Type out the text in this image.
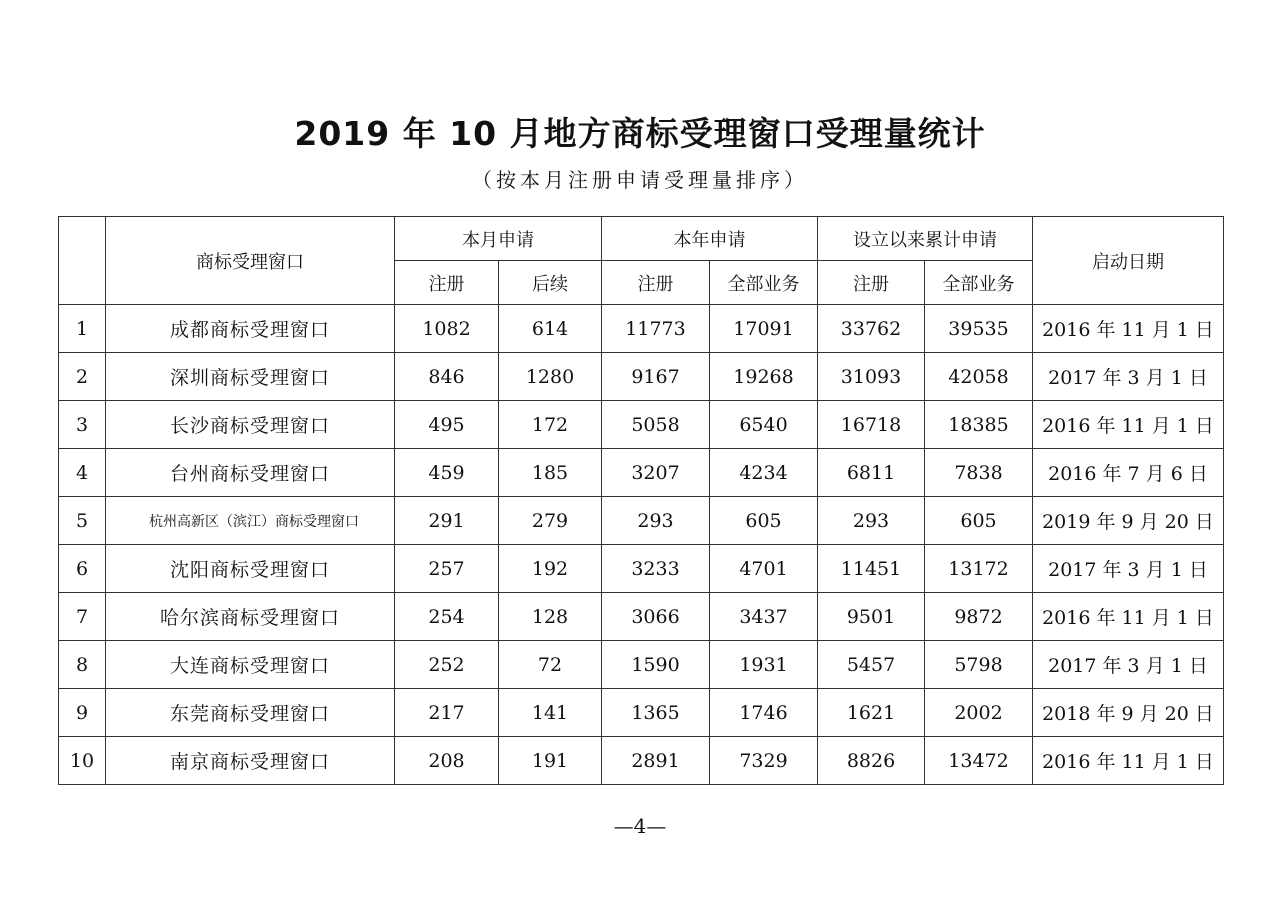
2019 年 10 月地方商标受理窗口受理量统计
（按本月注册申请受理量排序）
	商标受理窗口	本月申请		本年申请		设立以来累计申请		启动日期
		注册	后续	注册	全部业务	注册	全部业务	
1	成都商标受理窗口	1082	614	11773	17091	33762	39535	2016 年 11 月 1 日
2	深圳商标受理窗口	846	1280	9167	19268	31093	42058	2017 年 3 月 1 日
3	长沙商标受理窗口	495	172	5058	6540	16718	18385	2016 年 11 月 1 日
4	台州商标受理窗口	459	185	3207	4234	6811	7838	2016 年 7 月 6 日
5	杭州高新区（滨江）商标受理窗口	291	279	293	605	293	605	2019 年 9 月 20 日
6	沈阳商标受理窗口	257	192	3233	4701	11451	13172	2017 年 3 月 1 日
7	哈尔滨商标受理窗口	254	128	3066	3437	9501	9872	2016 年 11 月 1 日
8	大连商标受理窗口	252	72	1590	1931	5457	5798	2017 年 3 月 1 日
9	东莞商标受理窗口	217	141	1365	1746	1621	2002	2018 年 9 月 20 日
10	南京商标受理窗口	208	191	2891	7329	8826	13472	2016 年 11 月 1 日
—4—
